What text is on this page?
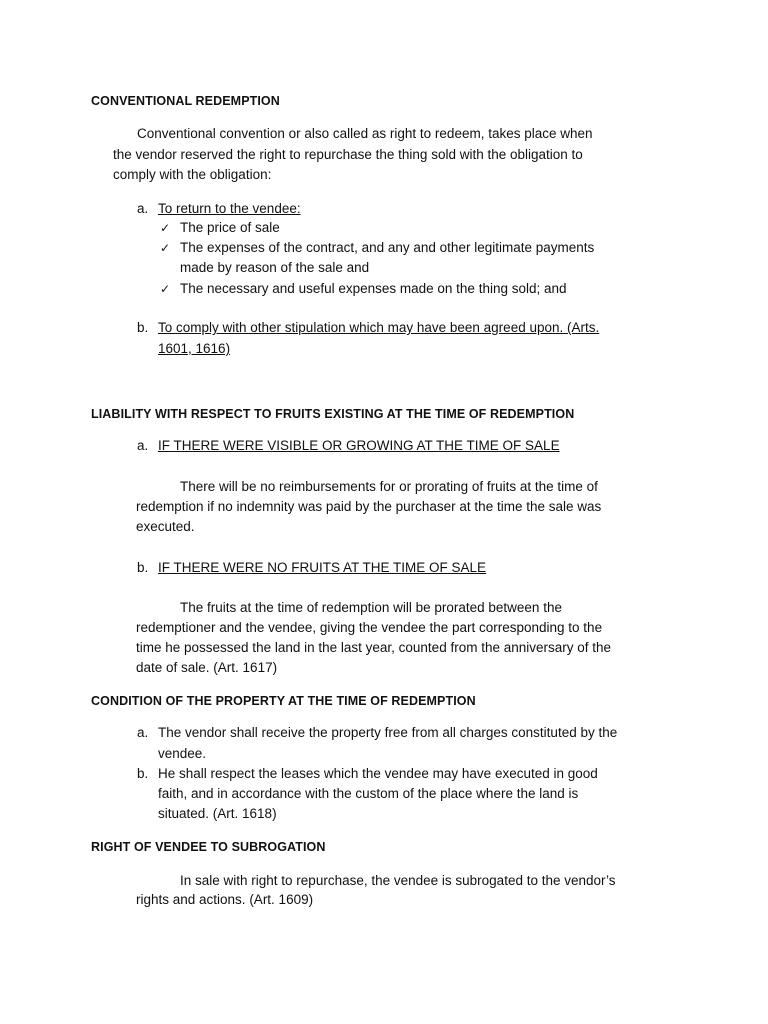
CONVENTIONAL REDEMPTION
Conventional convention or also called as right to redeem, takes place when
the vendor reserved the right to repurchase the thing sold with the obligation to
comply with the obligation:
a. To return to the vendee:
✓ The price of sale
✓ The expenses of the contract, and any and other legitimate payments
made by reason of the sale and
✓ The necessary and useful expenses made on the thing sold; and
b. To comply with other stipulation which may have been agreed upon. (Arts.
1601, 1616)
LIABILITY WITH RESPECT TO FRUITS EXISTING AT THE TIME OF REDEMPTION
a. IF THERE WERE VISIBLE OR GROWING AT THE TIME OF SALE
There will be no reimbursements for or prorating of fruits at the time of
redemption if no indemnity was paid by the purchaser at the time the sale was
executed.
b. IF THERE WERE NO FRUITS AT THE TIME OF SALE
The fruits at the time of redemption will be prorated between the
redemptioner and the vendee, giving the vendee the part corresponding to the
time he possessed the land in the last year, counted from the anniversary of the
date of sale. (Art. 1617)
CONDITION OF THE PROPERTY AT THE TIME OF REDEMPTION
a. The vendor shall receive the property free from all charges constituted by the
vendee.
b. He shall respect the leases which the vendee may have executed in good
faith, and in accordance with the custom of the place where the land is
situated. (Art. 1618)
RIGHT OF VENDEE TO SUBROGATION
In sale with right to repurchase, the vendee is subrogated to the vendor’s
rights and actions. (Art. 1609)
